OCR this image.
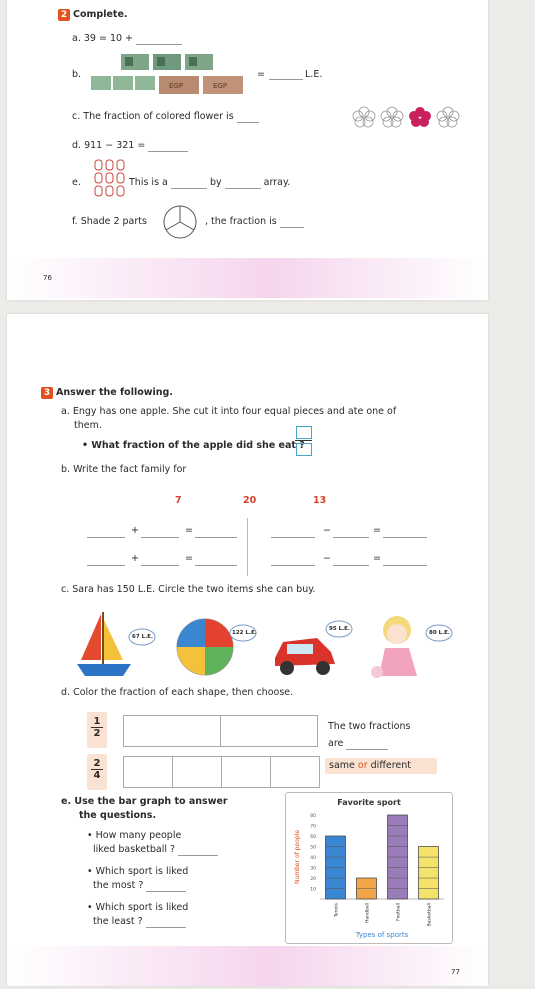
2 Complete.
a. 39 = 10 +
b.
EGP	EGP
=	L.E.
c. The fraction of colored flower is
d. 911 − 321 =
e.	This is a	by	array.
f. Shade 2 parts	, the fraction is
76
3 Answer the following.
a. Engy has one apple. She cut it into four equal pieces and ate one of
them.
• What fraction of the apple did she eat ?
b. Write the fact family for
7	20	13
+	=
+	=
−	=
−	=
c. Sara has 150 L.E. Circle the two items she can buy.
67 L.E.
122 L.E.
95 L.E.
80 L.E.
d. Color the fraction of each shape, then choose.
1
2
2
4
The two fractions
are
same or different
e. Use the bar graph to answer
the questions.
• How many people
liked basketball ?
• Which sport is liked
the most ?
• Which sport is liked
the least ?
Favorite sport
Number of people
10
20
30
40
50
60
70
80
Tennis	Handball	Football	Basketball
Types of sports
77
